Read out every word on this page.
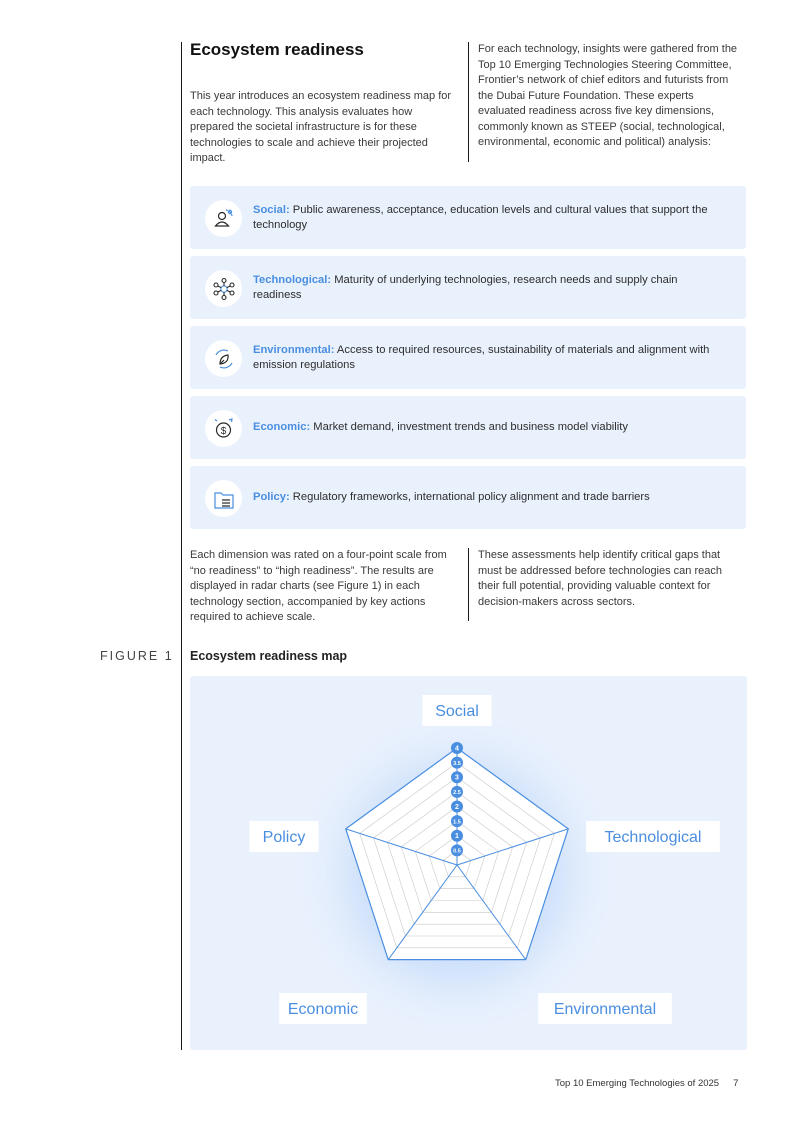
Ecosystem readiness

This year introduces an ecosystem readiness map for each technology. This analysis evaluates how prepared the societal infrastructure is for these technologies to scale and achieve their projected impact.

For each technology, insights were gathered from the Top 10 Emerging Technologies Steering Committee, Frontier’s network of chief editors and futurists from the Dubai Future Foundation. These experts evaluated readiness across five key dimensions, commonly known as STEEP (social, technological, environmental, economic and political) analysis:

Social: Public awareness, acceptance, education levels and cultural values that support the technology

Technological: Maturity of underlying technologies, research needs and supply chain readiness

Environmental: Access to required resources, sustainability of materials and alignment with emission regulations

$ Economic: Market demand, investment trends and business model viability

Policy: Regulatory frameworks, international policy alignment and trade barriers

Each dimension was rated on a four-point scale from “no readiness” to “high readiness”. The results are displayed in radar charts (see Figure 1) in each technology section, accompanied by key actions required to achieve scale.

These assessments help identify critical gaps that must be addressed before technologies can reach their full potential, providing valuable context for decision-makers across sectors.

FIGURE 1 Ecosystem readiness map
0.5
1
1.5
2
2.5
3
3.5
4
Social
Technological
Environmental
Economic
Policy
Top 10 Emerging Technologies of 2025 7
